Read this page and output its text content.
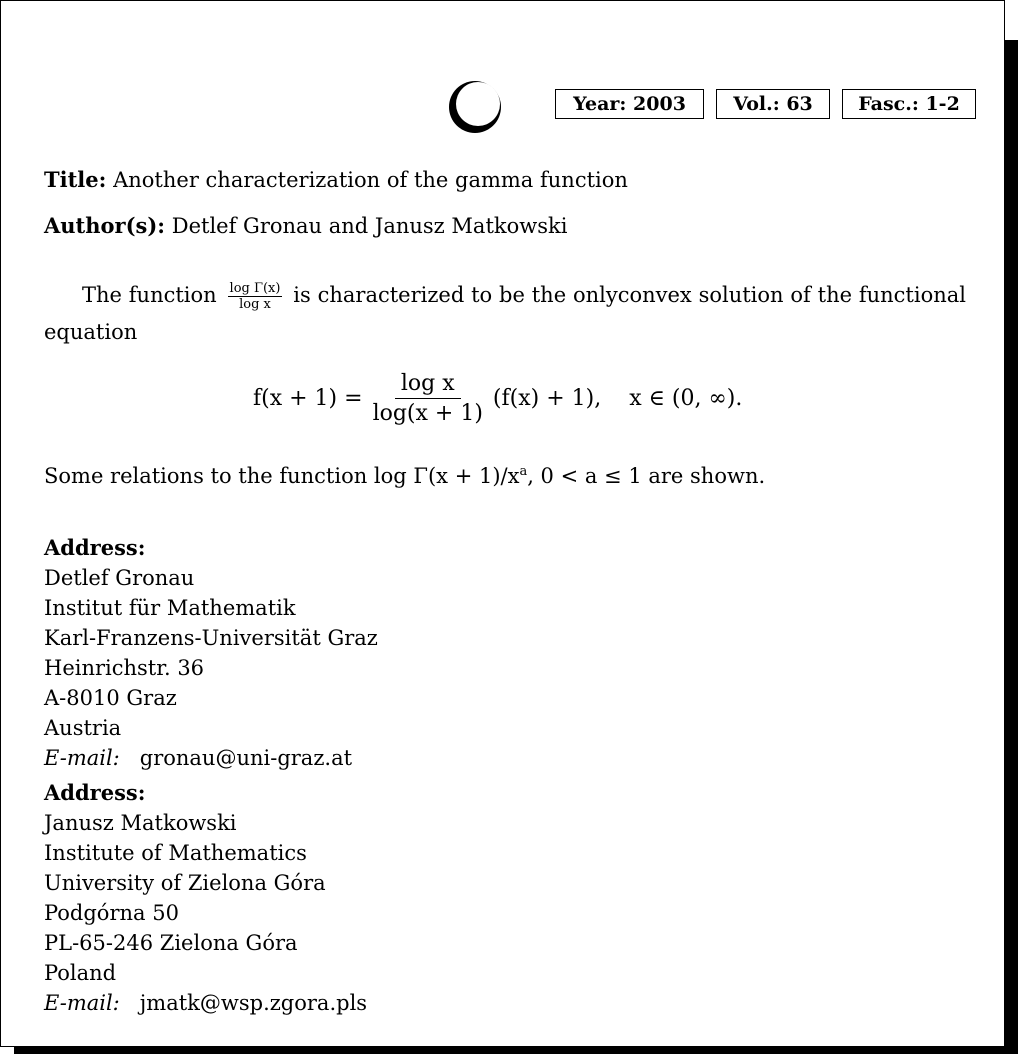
Year: 2003	Vol.: 63	Fasc.: 1-2
Title: Another characterization of the gamma function
Author(s): Detlef Gronau and Janusz Matkowski
The function $\frac{\text{log Γ(x)}}{\text{log x}}$ is characterized to be the onlyconvex solution of the functional equation
$f(x + 1) = \frac{\text{log x}}{\log(x + 1)} (f(x) + 1)$, x ∈ (0, ∞).
Some relations to the function $\log \Gamma(x + 1)/x^a$, 0 < a ≤ 1 are shown.
Address:
Detlef Gronau
Institut für Mathematik
Karl-Franzens-Universität Graz
Heinrichstr. 36
A-8010 Graz
Austria
E-mail: gronau@uni-graz.at
Address:
Janusz Matkowski
Institute of Mathematics
University of Zielona Góra
Podgórna 50
PL-65-246 Zielona Góra
Poland
E-mail: jmatk@wsp.zgora.pls
